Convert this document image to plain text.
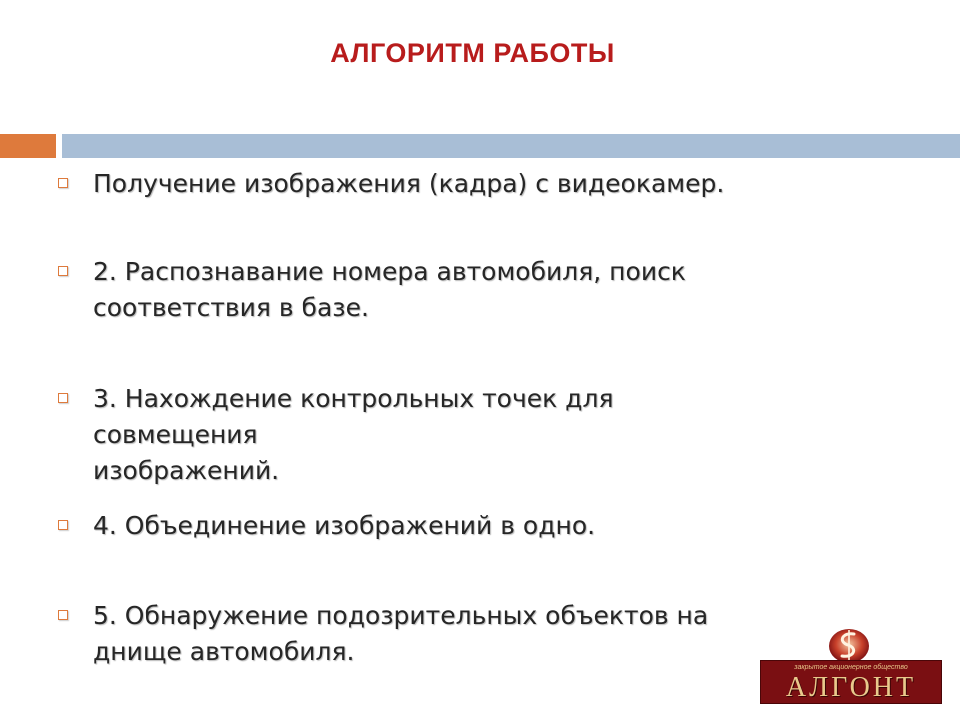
АЛГОРИТМ РАБОТЫ
Получение изображения (кадра) с видеокамер.
2. Распознавание номера автомобиля, поиск
соответствия в базе.
3. Нахождение контрольных точек для совмещения
изображений.
4. Объединение изображений в одно.
5. Обнаружение подозрительных объектов на
днище автомобиля.
закрытое акционерное общество
АЛГОНТ
